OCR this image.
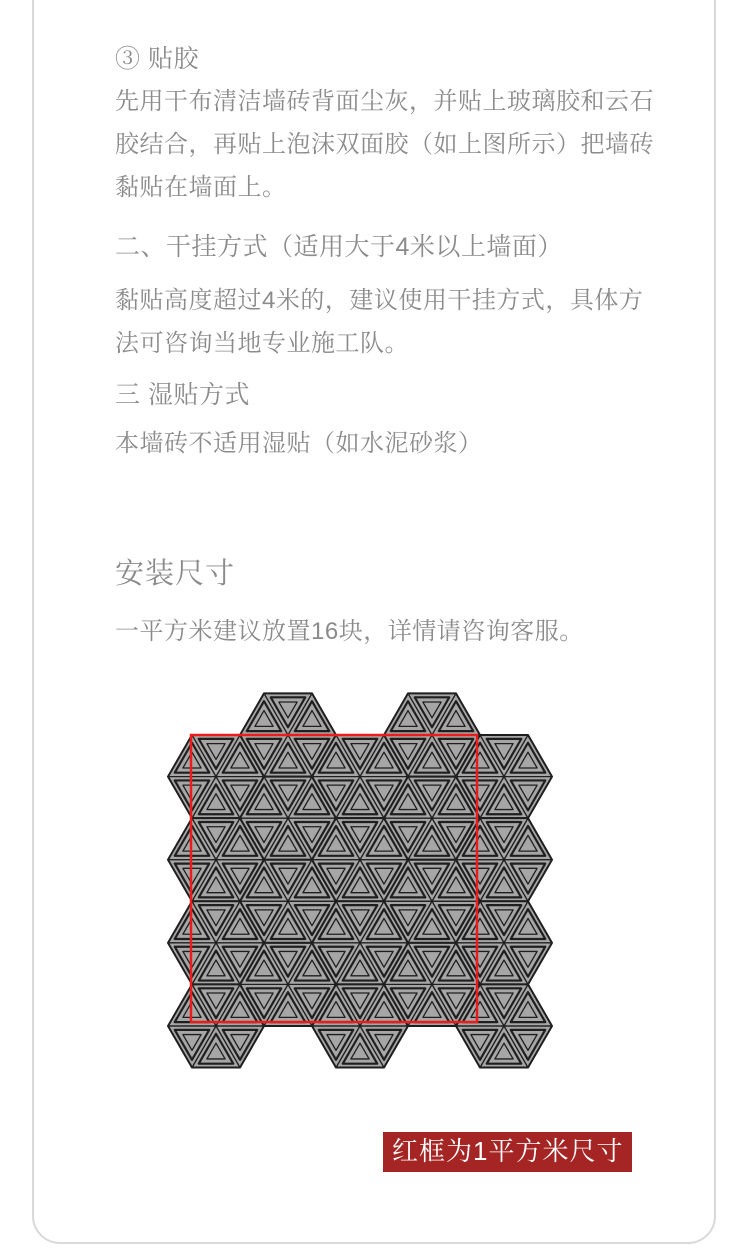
③ 贴胶
先用干布清洁墙砖背面尘灰，并贴上玻璃胶和云石
胶结合，再贴上泡沫双面胶（如上图所示）把墙砖
黏贴在墙面上。
二、干挂方式（适用大于4米以上墙面）
黏贴高度超过4米的，建议使用干挂方式，具体方
法可咨询当地专业施工队。
三 湿贴方式
本墙砖不适用湿贴（如水泥砂浆）
安装尺寸
一平方米建议放置16块，详情请咨询客服。
红框为1平方米尺寸
